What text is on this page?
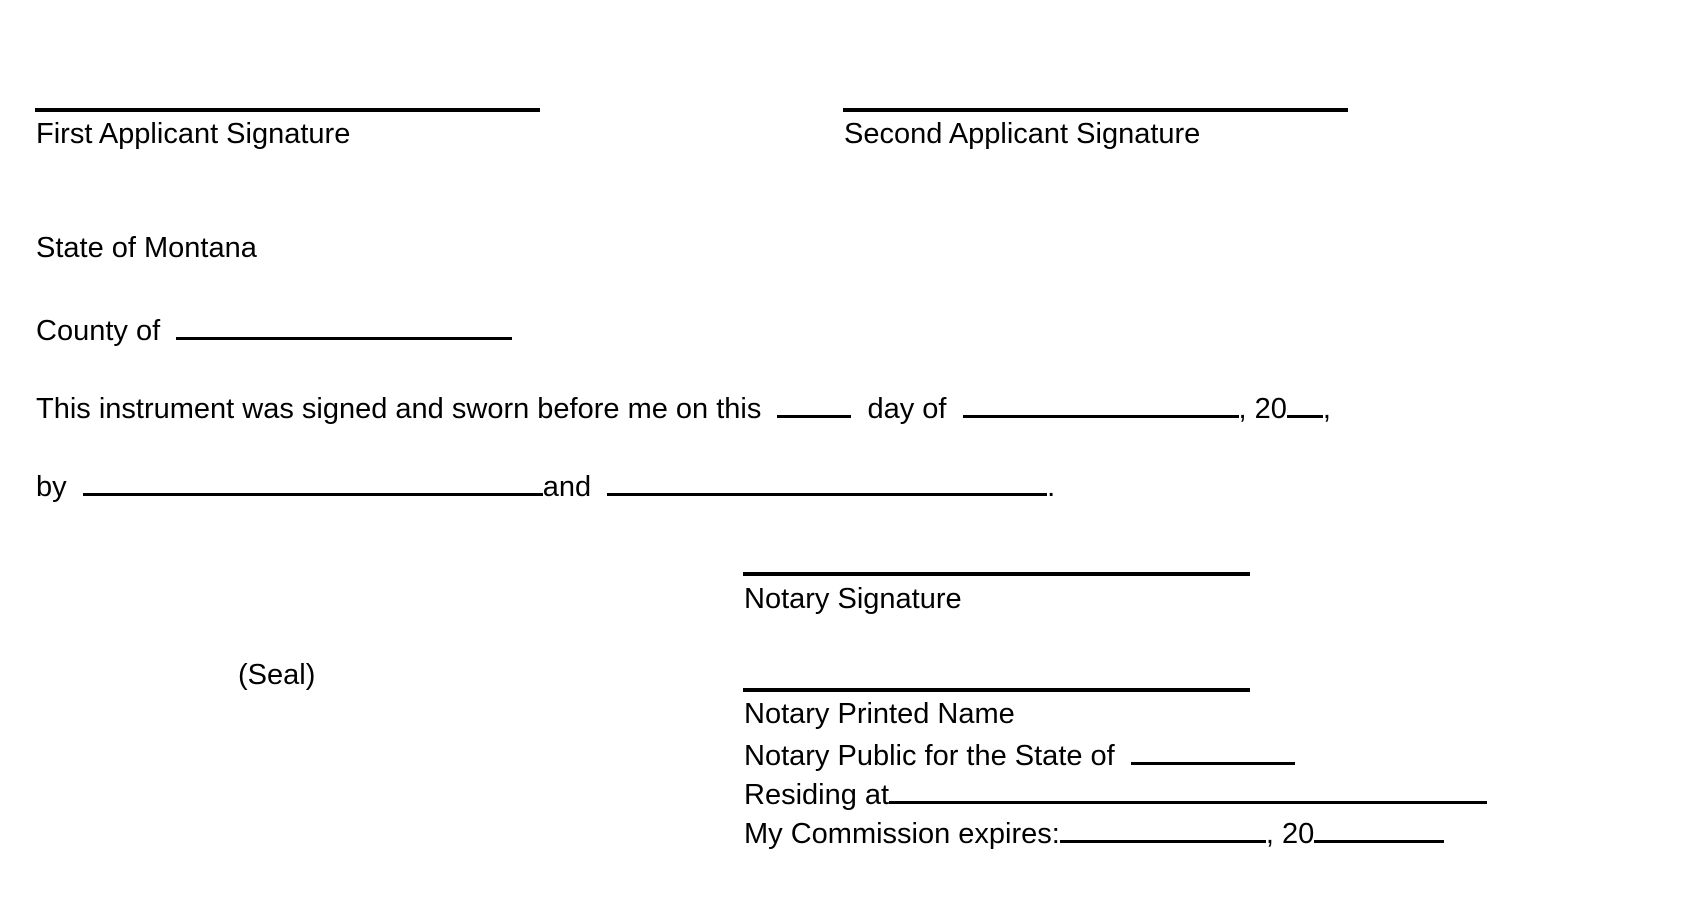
First Applicant Signature	Second Applicant Signature
State of Montana
County of
This instrument was signed and sworn before me on this	day of	, 20 ,
by	and	.
Notary Signature
(Seal)
Notary Printed Name
Notary Public for the State of
Residing at
My Commission expires:	, 20
